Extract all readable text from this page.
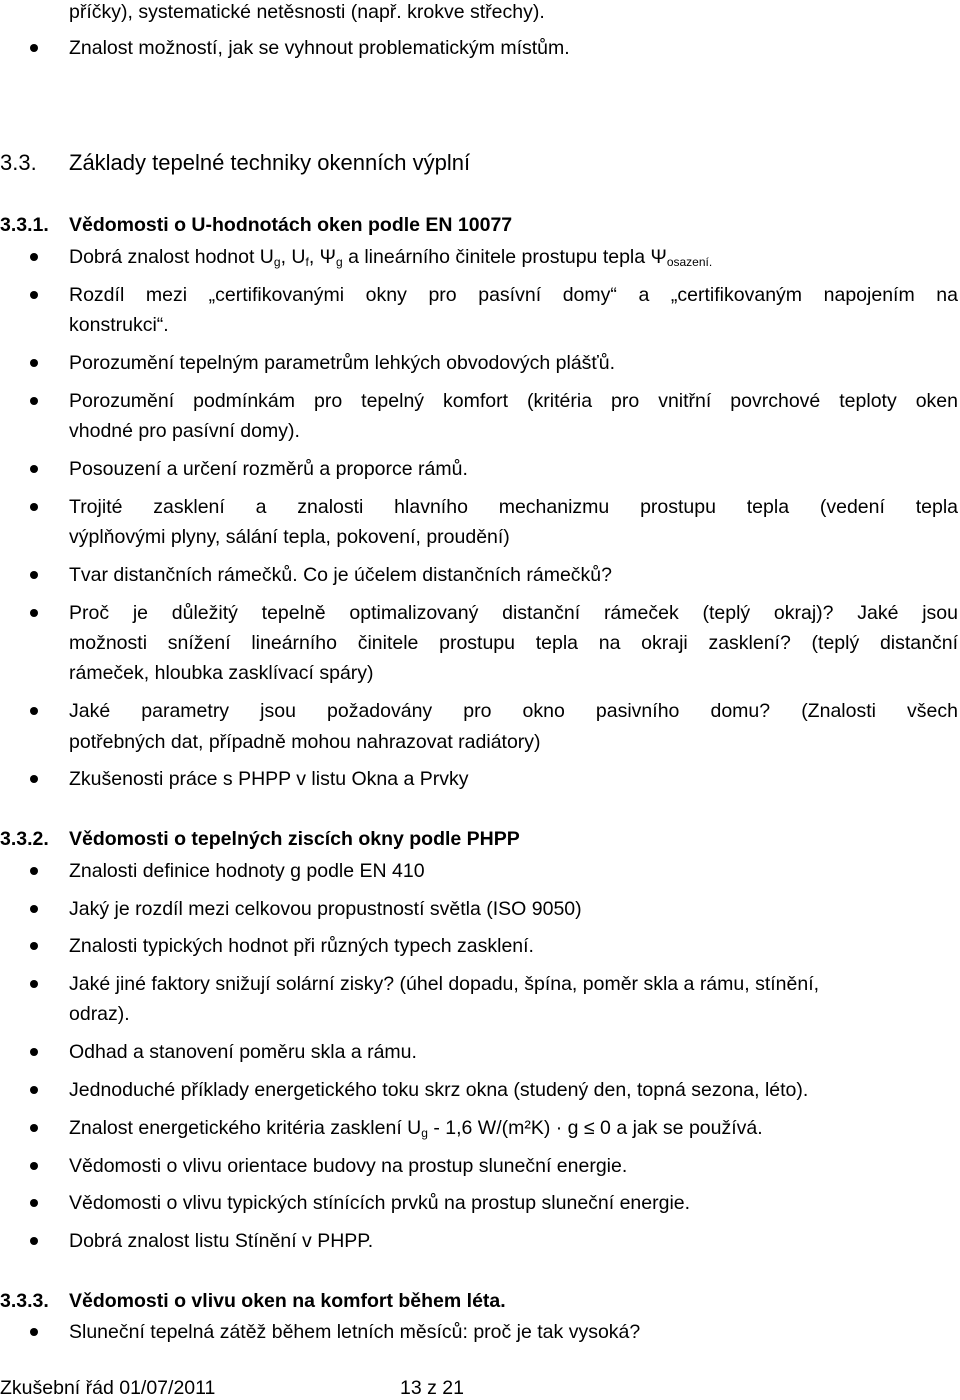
příčky), systematické netěsnosti (např. krokve střechy).
Znalost možností, jak se vyhnout problematickým místům.
3.3. Základy tepelné techniky okenních výplní
3.3.1. Vědomosti o U-hodnotách oken podle EN 10077
Dobrá znalost hodnot $U_g$, $U_f$, $\Psi_g$ a lineárního činitele prostupu tepla $\Psi_{osazení.}$
Rozdíl mezi „certifikovanými okny pro pasívní domy“ a „certifikovaným napojením na
konstrukci“.
Porozumění tepelným parametrům lehkých obvodových plášťů.
Porozumění podmínkám pro tepelný komfort (kritéria pro vnitřní povrchové teploty oken
vhodné pro pasívní domy).
Posouzení a určení rozměrů a proporce rámů.
Trojité zasklení a znalosti hlavního mechanizmu prostupu tepla (vedení tepla
výplňovými plyny, sálání tepla, pokovení, proudění)
Tvar distančních rámečků. Co je účelem distančních rámečků?
Proč je důležitý tepelně optimalizovaný distanční rámeček (teplý okraj)? Jaké jsou
možnosti snížení lineárního činitele prostupu tepla na okraji zasklení? (teplý distanční
rámeček, hloubka zasklívací spáry)
Jaké parametry jsou požadovány pro okno pasivního domu? (Znalosti všech
potřebných dat, případně mohou nahrazovat radiátory)
Zkušenosti práce s PHPP v listu Okna a Prvky
3.3.2. Vědomosti o tepelných ziscích okny podle PHPP
Znalosti definice hodnoty g podle EN 410
Jaký je rozdíl mezi celkovou propustností světla (ISO 9050)
Znalosti typických hodnot při různých typech zasklení.
Jaké jiné faktory snižují solární zisky? (úhel dopadu, špína, poměr skla a rámu, stínění,
odraz).
Odhad a stanovení poměru skla a rámu.
Jednoduché příklady energetického toku skrz okna (studený den, topná sezona, léto).
Znalost energetického kritéria zasklení $U_g - 1,6$ W/(m²K) · g ≤ 0 a jak se používá.
Vědomosti o vlivu orientace budovy na prostup sluneční energie.
Vědomosti o vlivu typických stínících prvků na prostup sluneční energie.
Dobrá znalost listu Stínění v PHPP.
3.3.3. Vědomosti o vlivu oken na komfort během léta.
Sluneční tepelná zátěž během letních měsíců: proč je tak vysoká?
Zkušební řád 01/07/2011	13 z 21
